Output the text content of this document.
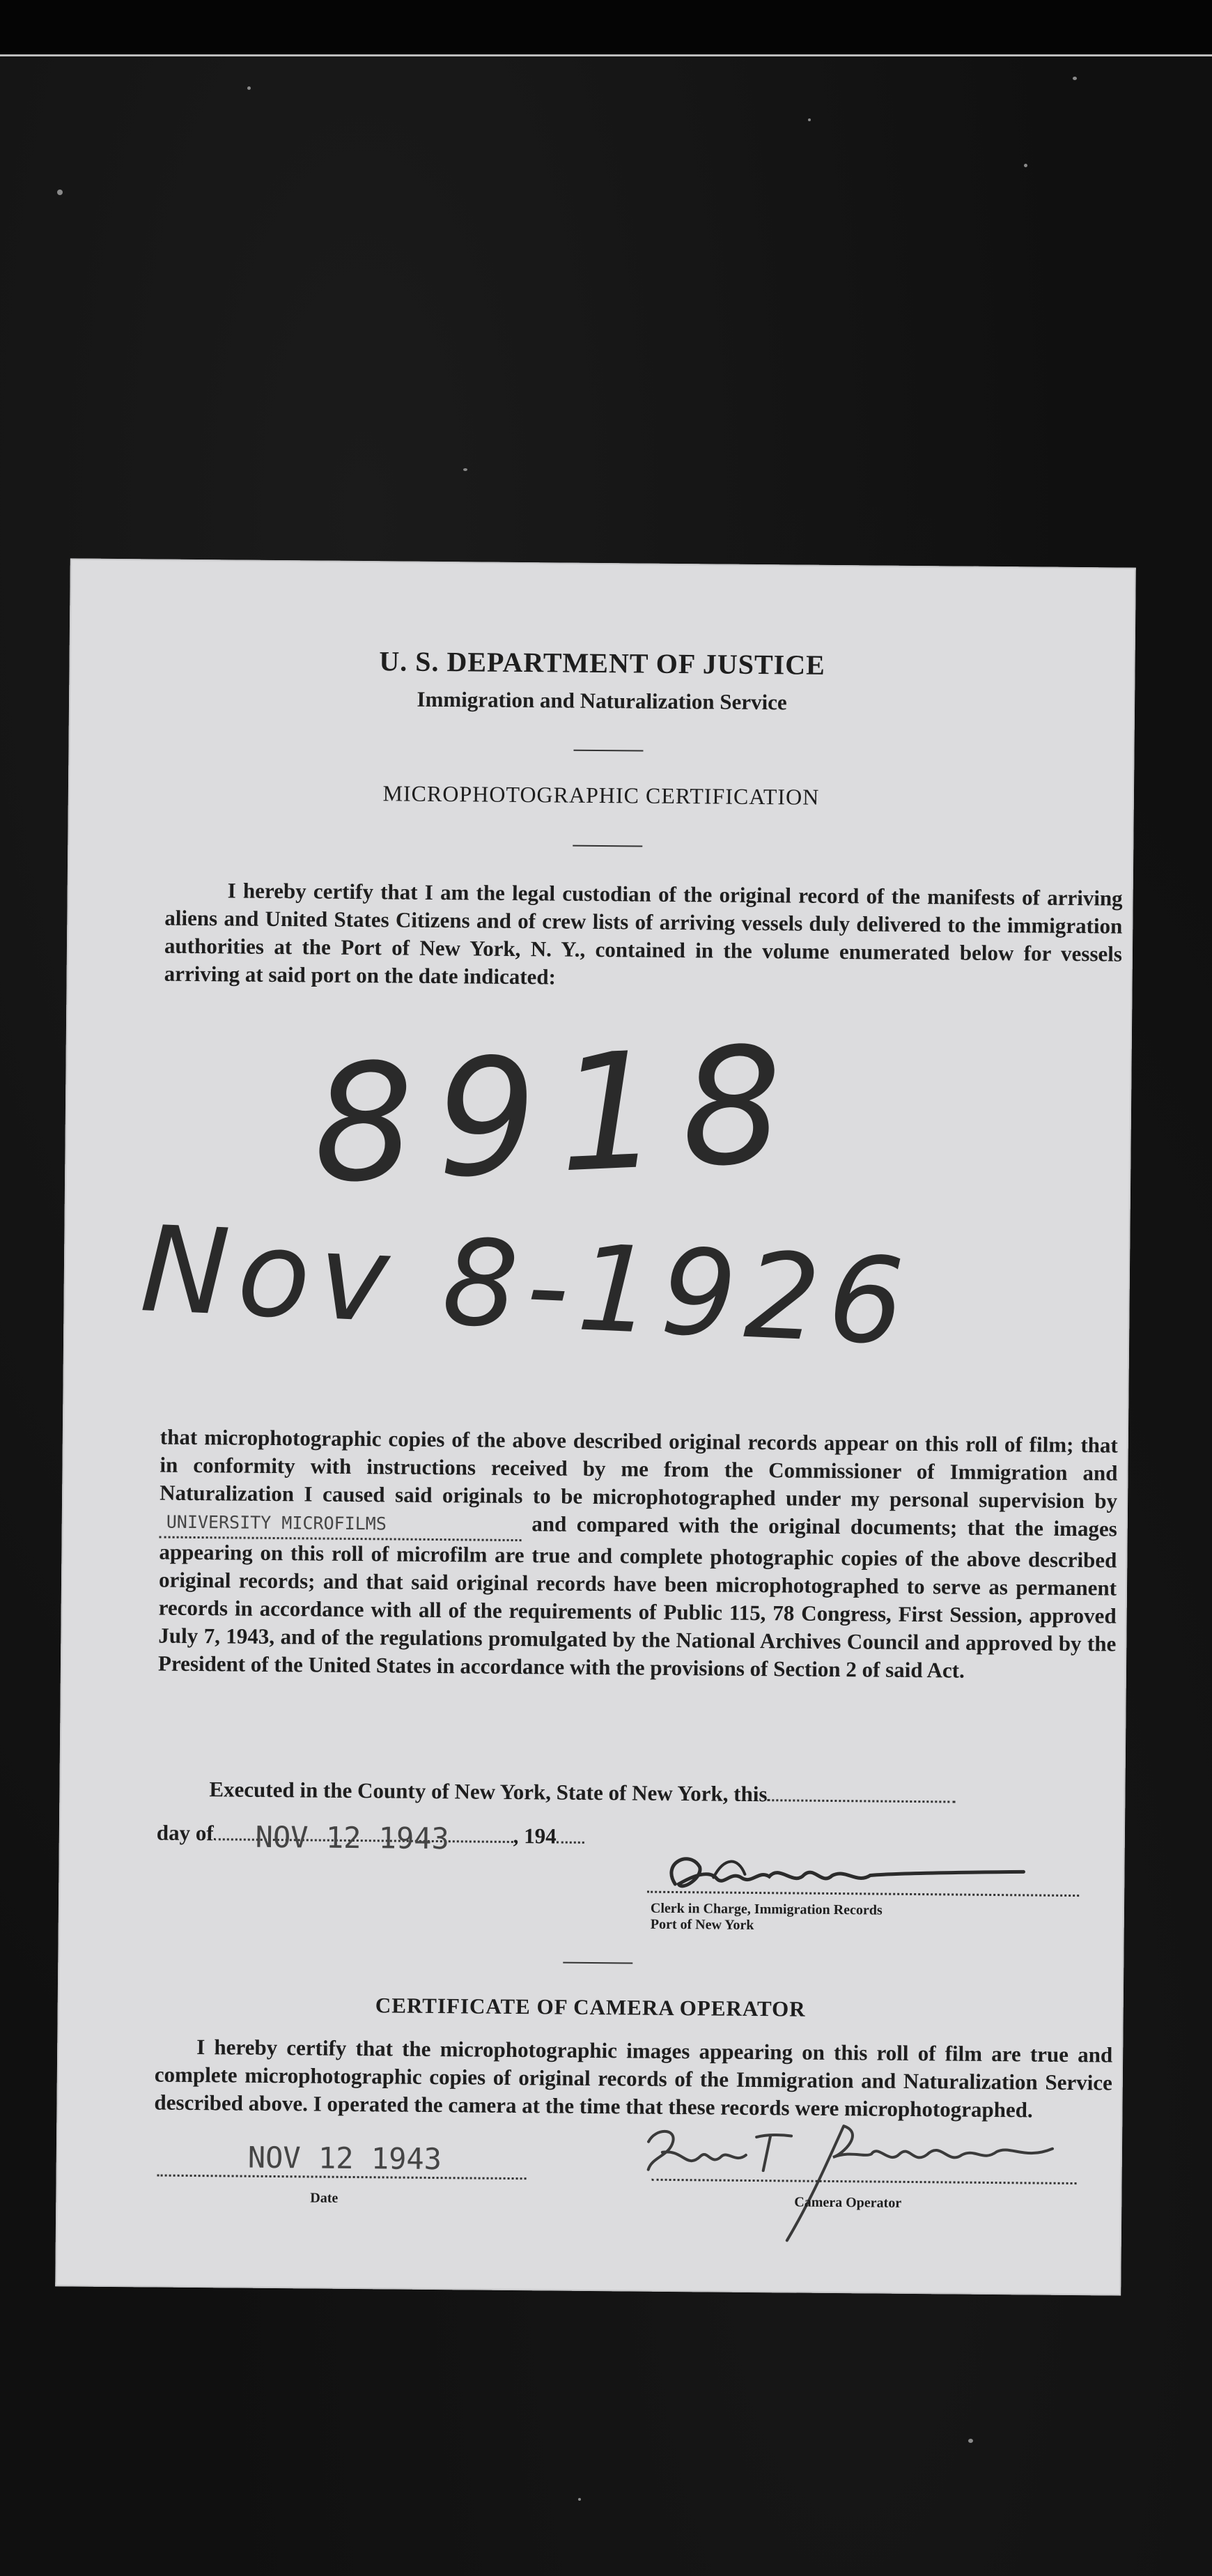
U. S. DEPARTMENT OF JUSTICE
Immigration and Naturalization Service
MICROPHOTOGRAPHIC CERTIFICATION

I hereby certify that I am the legal custodian of the original record of the manifests of arriving aliens and United States Citizens and of crew lists of arriving vessels duly delivered to the immigration authorities at the Port of New York, N. Y., contained in the volume enumerated below for vessels arriving at said port on the date indicated:

8918
Nov 8-1926

that microphotographic copies of the above described original records appear on this roll of film; that in conformity with instructions received by me from the Commissioner of Immigration and Naturalization I caused said originals to be microphotographed under my personal supervision byUNIVERSITY MICROFILMS	and compared with the original documents; that the images appearing on this roll of microfilm are true and complete photographic copies of the above described original records; and that said original records have been microphotographed to serve as permanent records in accordance with all of the requirements of Public 115, 78 Congress, First Session, approved July 7, 1943, and of the regulations promulgated by the National Archives Council and approved by the President of the United States in accordance with the provisions of Section 2 of said Act.

Executed in the County of New York, State of New York, this
day of NOV 12 1943	, 194
Clerk in Charge, Immigration Records
Port of New York
CERTIFICATE OF CAMERA OPERATOR

I hereby certify that the microphotographic images appearing on this roll of film are true and complete microphotographic copies of original records of the Immigration and Naturalization Service described above. I operated the camera at the time that these records were microphotographed.

NOV 12 1943
Date	Camera Operator
